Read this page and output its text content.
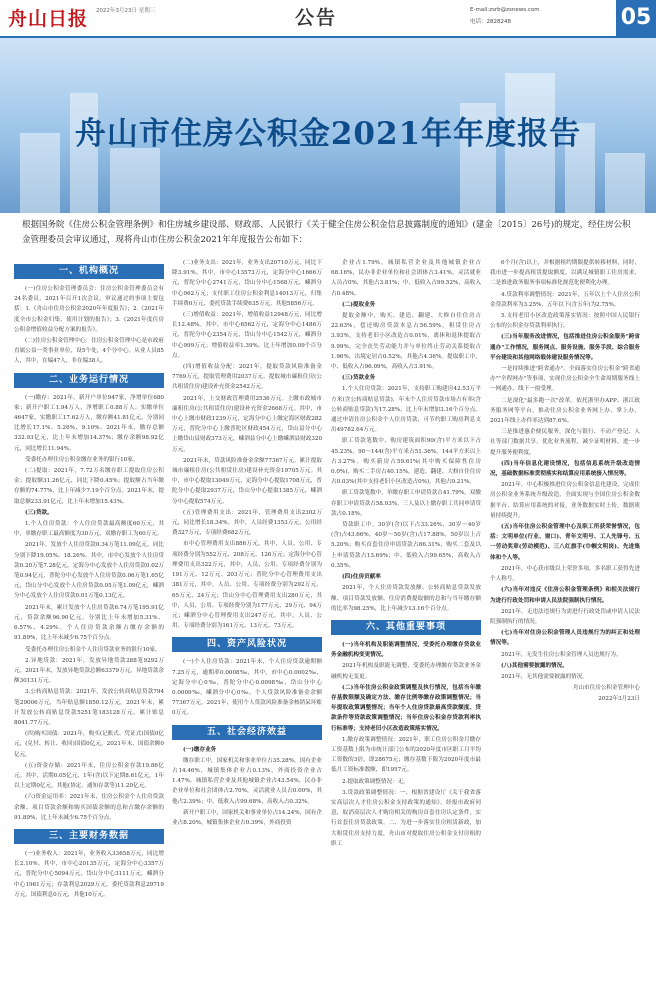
舟山日报 2022年3月23日 星期三	公告	E-mail:zsrb@zsnews.com
电话：2828248	05
舟山市住房公积金2021年年度报告
根据国务院《住房公积金管理条例》和住房城乡建设部、财政部、人民银行《关于健全住房公积金信息披露制度的通知》(建金〔2015〕26号)的规定，经住房公积金管理委员会审议通过，现将舟山市住房公积金2021年年度报告公布如下：
一、机构概况

(一)住房公积金管理委员会：住房公积金管理委员会有24名委员，2021年召开1次会议，审议通过的事项主要包括：1.《舟山市住房公积金2020年年度报告》；2.《2021年度全市公积金归集、使用计划的报告》；3.《2021年度住房公积金增值收益分配方案的报告》。

(二)住房公积金管理中心：住房公积金管理中心是市政府直属公益一类事业单位，设5个处，4个分中心。从业人员85人，其中，在编47人，非在编38人。

二、业务运行情况

(一)缴存：2021年，新开户单位947家，净增单位680家；新开户职工1.94万人，净增职工0.88万人；实缴单位4647家，实缴职工17.62万人，缴存额41.81亿元，分别同比增长17.1%、5.26%、9.10%。2021年末，缴存总额332.93亿元，比上年末增加14.37%；缴存余额98.92亿元，同比增长11.94%。

受委托办理住房公积金缴存业务的银行10家。

(二)提取：2021年，7.72万名缴存职工提取住房公积金；提取额31.26亿元，同比下降0.45%；提取额占当年缴存额的74.77%，比上年减少7.19个百分点。2021年末，提取总额233.91亿元，比上年末增加15.43%。

(三)贷款。

1.个人住房贷款：个人住房贷款最高额度60万元，其中，单缴存职工最高额度为30万元，双缴存职工为60万元。

2021年，发放个人住房贷款0.34万笔11.09亿元，同比分别下降19.05%、18.26%。其中，市中心发放个人住房贷款0.20万笔7.28亿元，定海分中心发放个人住房贷款0.02万笔0.94亿元，普陀分中心发放个人住房贷款0.06万笔1.65亿元，岱山分中心发放个人住房贷款0.05万笔1.09亿元，嵊泗分中心发放个人住房贷款0.01万笔0.13亿元。

2021年末，累计发放个人住房贷款6.74万笔195.91亿元，贷款余额96.90亿元，分别比上年末增加5.31%、6.57%、4.29%。个人住房贷款余额占缴存余额的91.89%，比上年末减少6.75个百分点。

受委托办理住房公积金个人住房贷款业务的银行10家。

2.异地贷款：2021年，发放异地贷款288笔9292万元。2021年末，发放异地贷款总额63379万元，异地贷款余额30131万元。

3.公转商贴息贷款：2021年，发放公转商贴息贷款794笔29006万元，当年贴息额1850.12万元。2021年末，累计发放公转商贴息贷款5251笔183128万元，累计贴息8041.77万元。

(四)购买国债：2021年，购买(记账式、凭证式)国债0亿元，(兑付、转让、收回)国债0亿元。2021年末，国债余额0亿元。

(五)资金存储：2021年末，住房公积金存款19.86亿元。其中，活期0.05亿元，1年(含)以下定期8.61亿元，1年以上定期0亿元，其他(协定、通知存款等)11.20亿元。

(六)资金运用率：2021年末，住房公积金个人住房贷款余额、项目贷款余额和购买国债余额的总和占缴存余额的91.89%，比上年末减少6.75个百分点。

三、主要财务数据

(一)业务收入：2021年，业务收入33658万元，同比增长2.10%。其中，市中心20135万元，定海分中心3357万元，普陀分中心5094万元，岱山分中心3111万元，嵊泗分中心1961万元；存款利息2029万元，委托贷款利息29719万元，国债利息0万元，其他10万元。

(二)业务支出：2021年，业务支出20710万元，同比下降3.91%。其中，市中心13573万元，定海分中心1666万元，普陀分中心2741万元，岱山分中心1568万元，嵊泗分中心962万元；支付职工住房公积金利息14013万元，归集手续费0万元，委托贷款手续费635万元，其他5856万元。

(三)增值收益：2021年，增值收益12948万元，同比增长12.48%。其中，市中心6562万元，定海分中心1486万元，普陀分中心2354万元，岱山分中心1542万元，嵊泗分中心999万元；增值收益率1.39%，比上年增加0.09个百分点。

(四)增值收益分配：2021年，提取贷款风险准备金7769万元，提取管理费用2037万元，提取城市廉租住房(公共租赁住房)建设补充资金2542万元。

2021年，上交财政管理费用2536万元。上缴市政城市廉租住房(公共租赁住房)建设补充资金2668万元。其中，市中心上缴市财政1239万元，定海分中心上缴定海区财政282万元，普陀分中心上缴普陀区财政454万元，岱山县分中心上缴岱山县财政373万元，嵊泗县分中心上缴嵊泗县财政320万元。

2021年末，贷款风险准备金余额77367万元。累计提取城市廉租住房(公共租赁住房)建设补充资金19705万元。其中，市中心提取13049万元，定海分中心提取1708万元，普陀分中心提取2937万元，岱山分中心提取1385万元，嵊泗分中心提取574万元。

(五)管理费用支出：2021年，管理费用支出2302万元，同比增长18.34%。其中，人员经费1353万元，公用经费327万元，专项经费682万元。

市中心管理费用支出886万元，其中，人员、公用、专项经费分别为552万元、208万元、126万元；定海分中心管理费用支出322万元，其中，人员、公用、专项经费分别为191万元、12万元、203万元；普陀分中心管理费用支出381万元，其中，人员、公用、专项经费分别为292万元、65万元、24万元；岱山分中心管理费用支出280万元，其中，人员、公用、专项经费分别为177万元、29万元、94万元；嵊泗分中心管理费用支出247万元，其中，人员、公用、专项经费分别为161万元、13万元、73万元。

四、资产风险状况

(一)个人住房贷款：2021年末，个人住房贷款逾期额7.25万元，逾期率0.0008‰，其中，市中心0.0002‰，定海分中心0‰，普陀分中心0.0098‰，岱山分中心0.0009‰，嵊泗分中心0‰。个人贷款风险准备金余额77367万元。2021年，使用个人贷款风险准备金核销呆坏账0万元。

五、社会经济效益

(一)缴存业务

缴存职工中，国家机关和事业单位占35.28%，国有企业占14.46%，城镇集体企业占0.13%，外商投资企业占1.47%，城镇私营企业及其他城镇企业占43.54%，民办非企业单位和社会团体占2.70%，灵活就业人员占0.00%，其他占2.39%；中、低收入占99.68%，高收入占0.32%。

新开户职工中，国家机关和事业单位占14.24%，国有企业占8.20%，城镇集体企业占0.39%，外商投资

企业占1.79%，城镇私营企业及其他城镇企业占68.16%，民办非企业单位和社会团体占3.41%，灵活就业人员占0%，其他占3.81%；中、低收入占99.52%，高收入占0.48%。

(二)提取业务

提取金额中，购买、建造、翻建、大修自住住房占22.63%，偿还购房贷款本息占56.59%，租赁住房占3.93%，支持老旧小区改造占0.01%，离休和退休提取占9.99%，完全丧失劳动能力并与单位终止劳动关系提取占1.96%，出境定居占0.52%，其他占4.36%。提取职工中，中、低收入占96.09%，高收入占3.91%。

(三)贷款业务

1.个人住房贷款：2021年，支持职工购建房42.53万平方米(含公转商贴息贷款)，年末个人住房贷款市场占有率(含公转商贴息贷款)为17.28%，比上年末增加3.16个百分点。通过申请住房公积金个人住房贷款，可节约职工购房利息支出49782.64万元。

职工贷款笔数中，购房建筑面积90(含)平方米以下占45.23%，90～144(含)平方米占51.36%，144平方米以上占3.27%。购买新房占59.61%(其中购买保障性住房0.0%)，购买二手房占40.15%，建造、翻建、大修自住住房占0.03%(其中支持老旧小区改造占0%)，其他占0.21%。

职工贷款笔数中，单缴存职工申请贷款占41.79%，双缴存职工申请贷款占58.03%，三人及以上缴存职工共同申请贷款占0.18%。

贷款职工中，30岁(含)以下占33.26%，30岁～40岁(含)占43.66%，40岁～50岁(含)占17.88%，50岁以上占5.20%；购买首套住房申请贷款占86.31%，购买二套及以上申请贷款占13.69%；中、低收入占99.65%，高收入占0.35%。

(四)住房贡献率

2021年，个人住房贷款发放额、公转商贴息贷款发放额、项目贷款发放额、住房消费提取额的总和与当年缴存额的比率为98.25%，比上年减少13.16个百分点。

六、其他重要事项

(一)当年机构及职能调整情况，受委托办理缴存贷款业务金融机构变更情况。

2021年机构及职能无调整，受委托办理缴存贷款业务金融机构无变更。

(二)当年住房公积金政策调整及执行情况，包括当年缴存基数限额及确定方法、缴存比例等缴存政策调整情况；当年提取政策调整情况；当年个人住房贷款最高贷款额度、贷款条件等贷款政策调整情况；当年住房公积金存贷款利率执行标准等；支持老旧小区改造政策落实情况。

1.缴存政策调整情况：2021年，职工住房公积金月缴存工资基数上限为市统计部门公布的2020年度市区职工月平均工资数的3倍，即28675元；缴存基数下限为2020年度市最低月工资标准数额，即1957元。

2.提取政策调整情况：无。

3.贷款政策调整情况：一、根据省建设厅《关于我省落实高层次人才住房公积金支持政策的通知》，经报市政府同意，取消高层次人才购房相关的购房首套住房认定条件，实行首套住房贷款政策。二、为进一步落实住房租赁新政，加大租赁住房支持力度，舟山市对提取住房公积金支付房租的职工

6个月(含)以上，并根据租约期限提供转移材料，同时，我市进一步提高租赁提取额度，以满足城镇职工住房需求，二是推进政务服务事项标准化规范化便利化办理。

4.贷款利率调整情况：2021年，五年以上个人住房公积金贷款利率为3.25%，五年以下(含五年)为2.75%。

5.支持老旧小区改造政策落实情况：按照中国人民银行公布的公积金存贷款利率执行。

(三)当年服务改进情况，包括推进住房公积金服务"跨省通办"工作情况，服务网点、服务设施、服务手段、综合服务平台建设和其他网络载体建设服务情况等。

一是持续推进"跨省通办"。全面落实住房公积金"跨省通办""全程网办"等事项，实现住房公积金全生命周期服务线上一网通办、线下一窗受理。

二是深化"最多跑一次"改革。依托浙里办APP、浙江政务服务网等平台，推动住房公积金业务网上办、掌上办，2021年线上办件率达到87.6%。

三是推进惠企便民服务。深化与银行、不动产登记、人社等部门数据共享，优化业务流程，减少证明材料，进一步提升服务便利度。

(四)当年信息化建设情况，包括信息系统升级改造情况，基础数据标准贯彻落实和结算应用系统接入情况等。

2021年，中心积极推进住房公积金信息化建设，完成住房公积金业务系统升级改造，全面实现与全国住房公积金数据平台、结算应用系统的对接，业务数据实时上传，数据质量持续提升。

(五)当年住房公积金管理中心及职工所获荣誉情况，包括：文明单位(行业、窗口)、青年文明号、工人先锋号、五一劳动奖章(劳动模范)、三八红旗手(巾帼文明岗)、先进集体和个人等。

2021年，中心获市级以上荣誉多项，多名职工获得先进个人称号。

(六)当年对违反《住房公积金管理条例》和相关法规行为进行行政处罚和申请人民法院强制执行情况。

2021年，无违法违规行为需进行行政处罚或申请人民法院强制执行的情况。

(七)当年对住房公积金管理人员违规行为的纠正和处理情况等。

2021年，无发生住房公积金管理人员违规行为。

(八)其他需要披露的情况。

2021年，无其他需要披露的情况。

舟山市住房公积金管理中心

2022年3月23日
